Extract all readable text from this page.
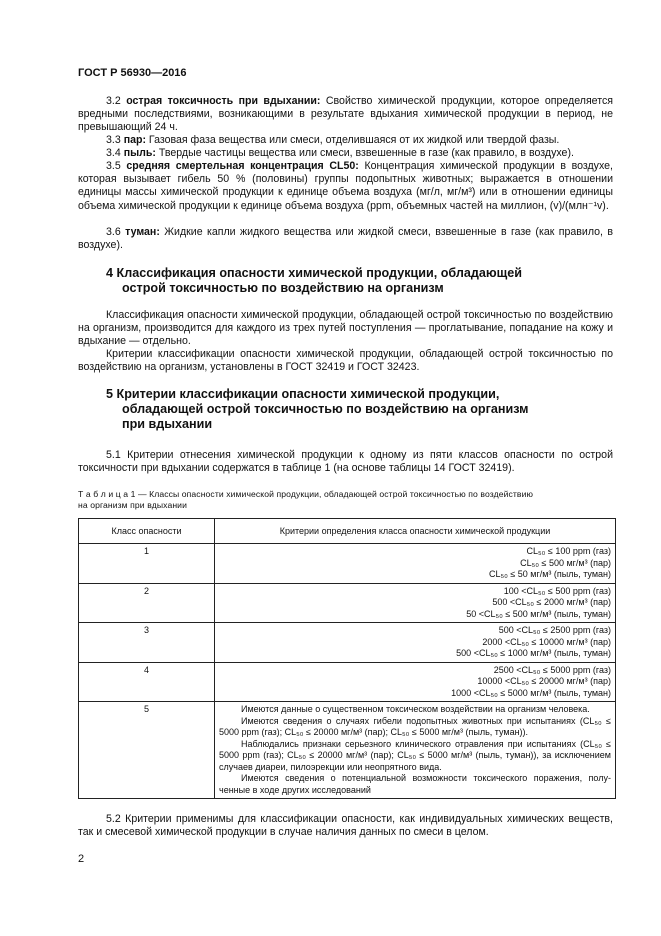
ГОСТ Р 56930—2016
3.2 острая токсичность при вдыхании: Свойство химической продукции, которое определяется вредными последствиями, возникающими в результате вдыхания химической продукции в период, не превышающий 24 ч.
3.3 пар: Газовая фаза вещества или смеси, отделившаяся от их жидкой или твердой фазы.
3.4 пыль: Твердые частицы вещества или смеси, взвешенные в газе (как правило, в воздухе).
3.5 средняя смертельная концентрация CL50: Концентрация химической продукции в воздухе, которая вызывает гибель 50 % (половины) группы подопытных животных; выражается в отношении единицы массы химической продукции к единице объема воздуха (мг/л, мг/м³) или в отношении единицы объема химической продукции к единице объема воздуха (ppm, объемных частей на миллион, (v)/(млн⁻¹v).
3.6 туман: Жидкие капли жидкого вещества или жидкой смеси, взвешенные в газе (как правило, в воздухе).
4 Классификация опасности химической продукции, обладающей
острой токсичностью по воздействию на организм
Классификация опасности химической продукции, обладающей острой токсичностью по воздействию на организм, производится для каждого из трех путей поступления — проглатывание, попадание на кожу и вдыхание — отдельно.
Критерии классификации опасности химической продукции, обладающей острой токсичностью по воздействию на организм, установлены в ГОСТ 32419 и ГОСТ 32423.
5 Критерии классификации опасности химической продукции,
обладающей острой токсичностью по воздействию на организм
при вдыхании
5.1 Критерии отнесения химической продукции к одному из пяти классов опасности по острой токсичности при вдыхании содержатся в таблице 1 (на основе таблицы 14 ГОСТ 32419).
Т а б л и ц а 1 — Классы опасности химической продукции, обладающей острой токсичностью по воздействию
на организм при вдыхании
Класс опасности	Критерии определения класса опасности химической продукции
1	CL₅₀ ≤ 100 ppm (газ)
CL₅₀ ≤ 500 мг/м³ (пар)
CL₅₀ ≤ 50 мг/м³ (пыль, туман)

2	100 <CL₅₀ ≤ 500 ppm (газ)
500 <CL₅₀ ≤ 2000 мг/м³ (пар)
50 <CL₅₀ ≤ 500 мг/м³ (пыль, туман)

3	500 <CL₅₀ ≤ 2500 ppm (газ)
2000 <CL₅₀ ≤ 10000 мг/м³ (пар)
500 <CL₅₀ ≤ 1000 мг/м³ (пыль, туман)

4	2500 <CL₅₀ ≤ 5000 ppm (газ)
10000 <CL₅₀ ≤ 20000 мг/м³ (пар)
1000 <CL₅₀ ≤ 5000 мг/м³ (пыль, туман)

5	Имеются данные о существенном токсическом воздействии на организм человека.
Имеются сведения о случаях гибели подопытных животных при испытаниях (CL₅₀ ≤ 5000 ppm (газ); CL₅₀ ≤ 20000 мг/м³ (пар); CL₅₀ ≤ 5000 мг/м³ (пыль, туман)).
Наблюдались признаки серьезного клинического отравления при испытаниях (CL₅₀ ≤ 5000 ppm (газ); CL₅₀ ≤ 20000 мг/м³ (пар); CL₅₀ ≤ 5000 мг/м³ (пыль, туман)), за исключением случаев диареи, пилоэрекции или неопрятного вида.
Имеются сведения о потенциальной возможности токсического поражения, полученные в ходе других исследований
5.2 Критерии применимы для классификации опасности, как индивидуальных химических веществ, так и смесевой химической продукции в случае наличия данных по смеси в целом.
2
